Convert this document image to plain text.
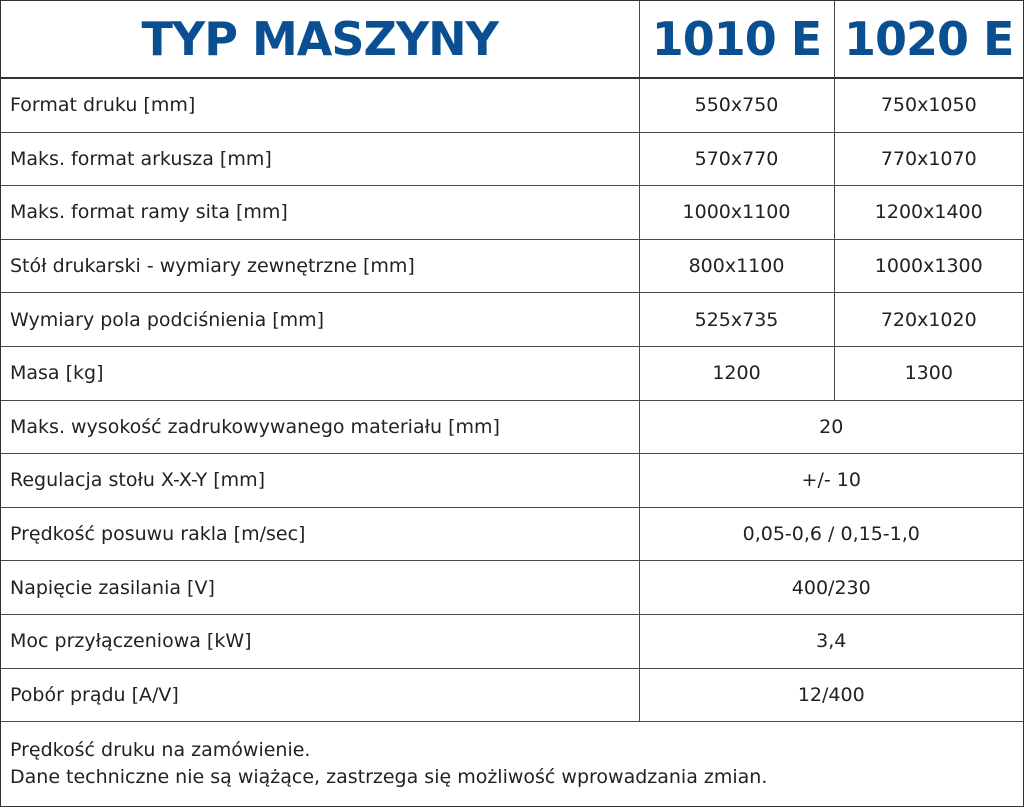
TYP MASZYNY	1010 E	1020 E
Format druku [mm]	550x750	750x1050
Maks. format arkusza [mm]	570x770	770x1070
Maks. format ramy sita [mm]	1000x1100	1200x1400
Stół drukarski - wymiary zewnętrzne [mm]	800x1100	1000x1300
Wymiary pola podciśnienia [mm]	525x735	720x1020
Masa [kg]	1200	1300
Maks. wysokość zadrukowywanego materiału [mm]	20	
Regulacja stołu X-X-Y [mm]	+/- 10	
Prędkość posuwu rakla [m/sec]	0,05-0,6 / 0,15-1,0	
Napięcie zasilania [V]	400/230	
Moc przyłączeniowa [kW]	3,4	
Pobór prądu [A/V]	12/400	

Prędkość druku na zamówienie.
Dane techniczne nie są wiążące, zastrzega się możliwość wprowadzania zmian.		
